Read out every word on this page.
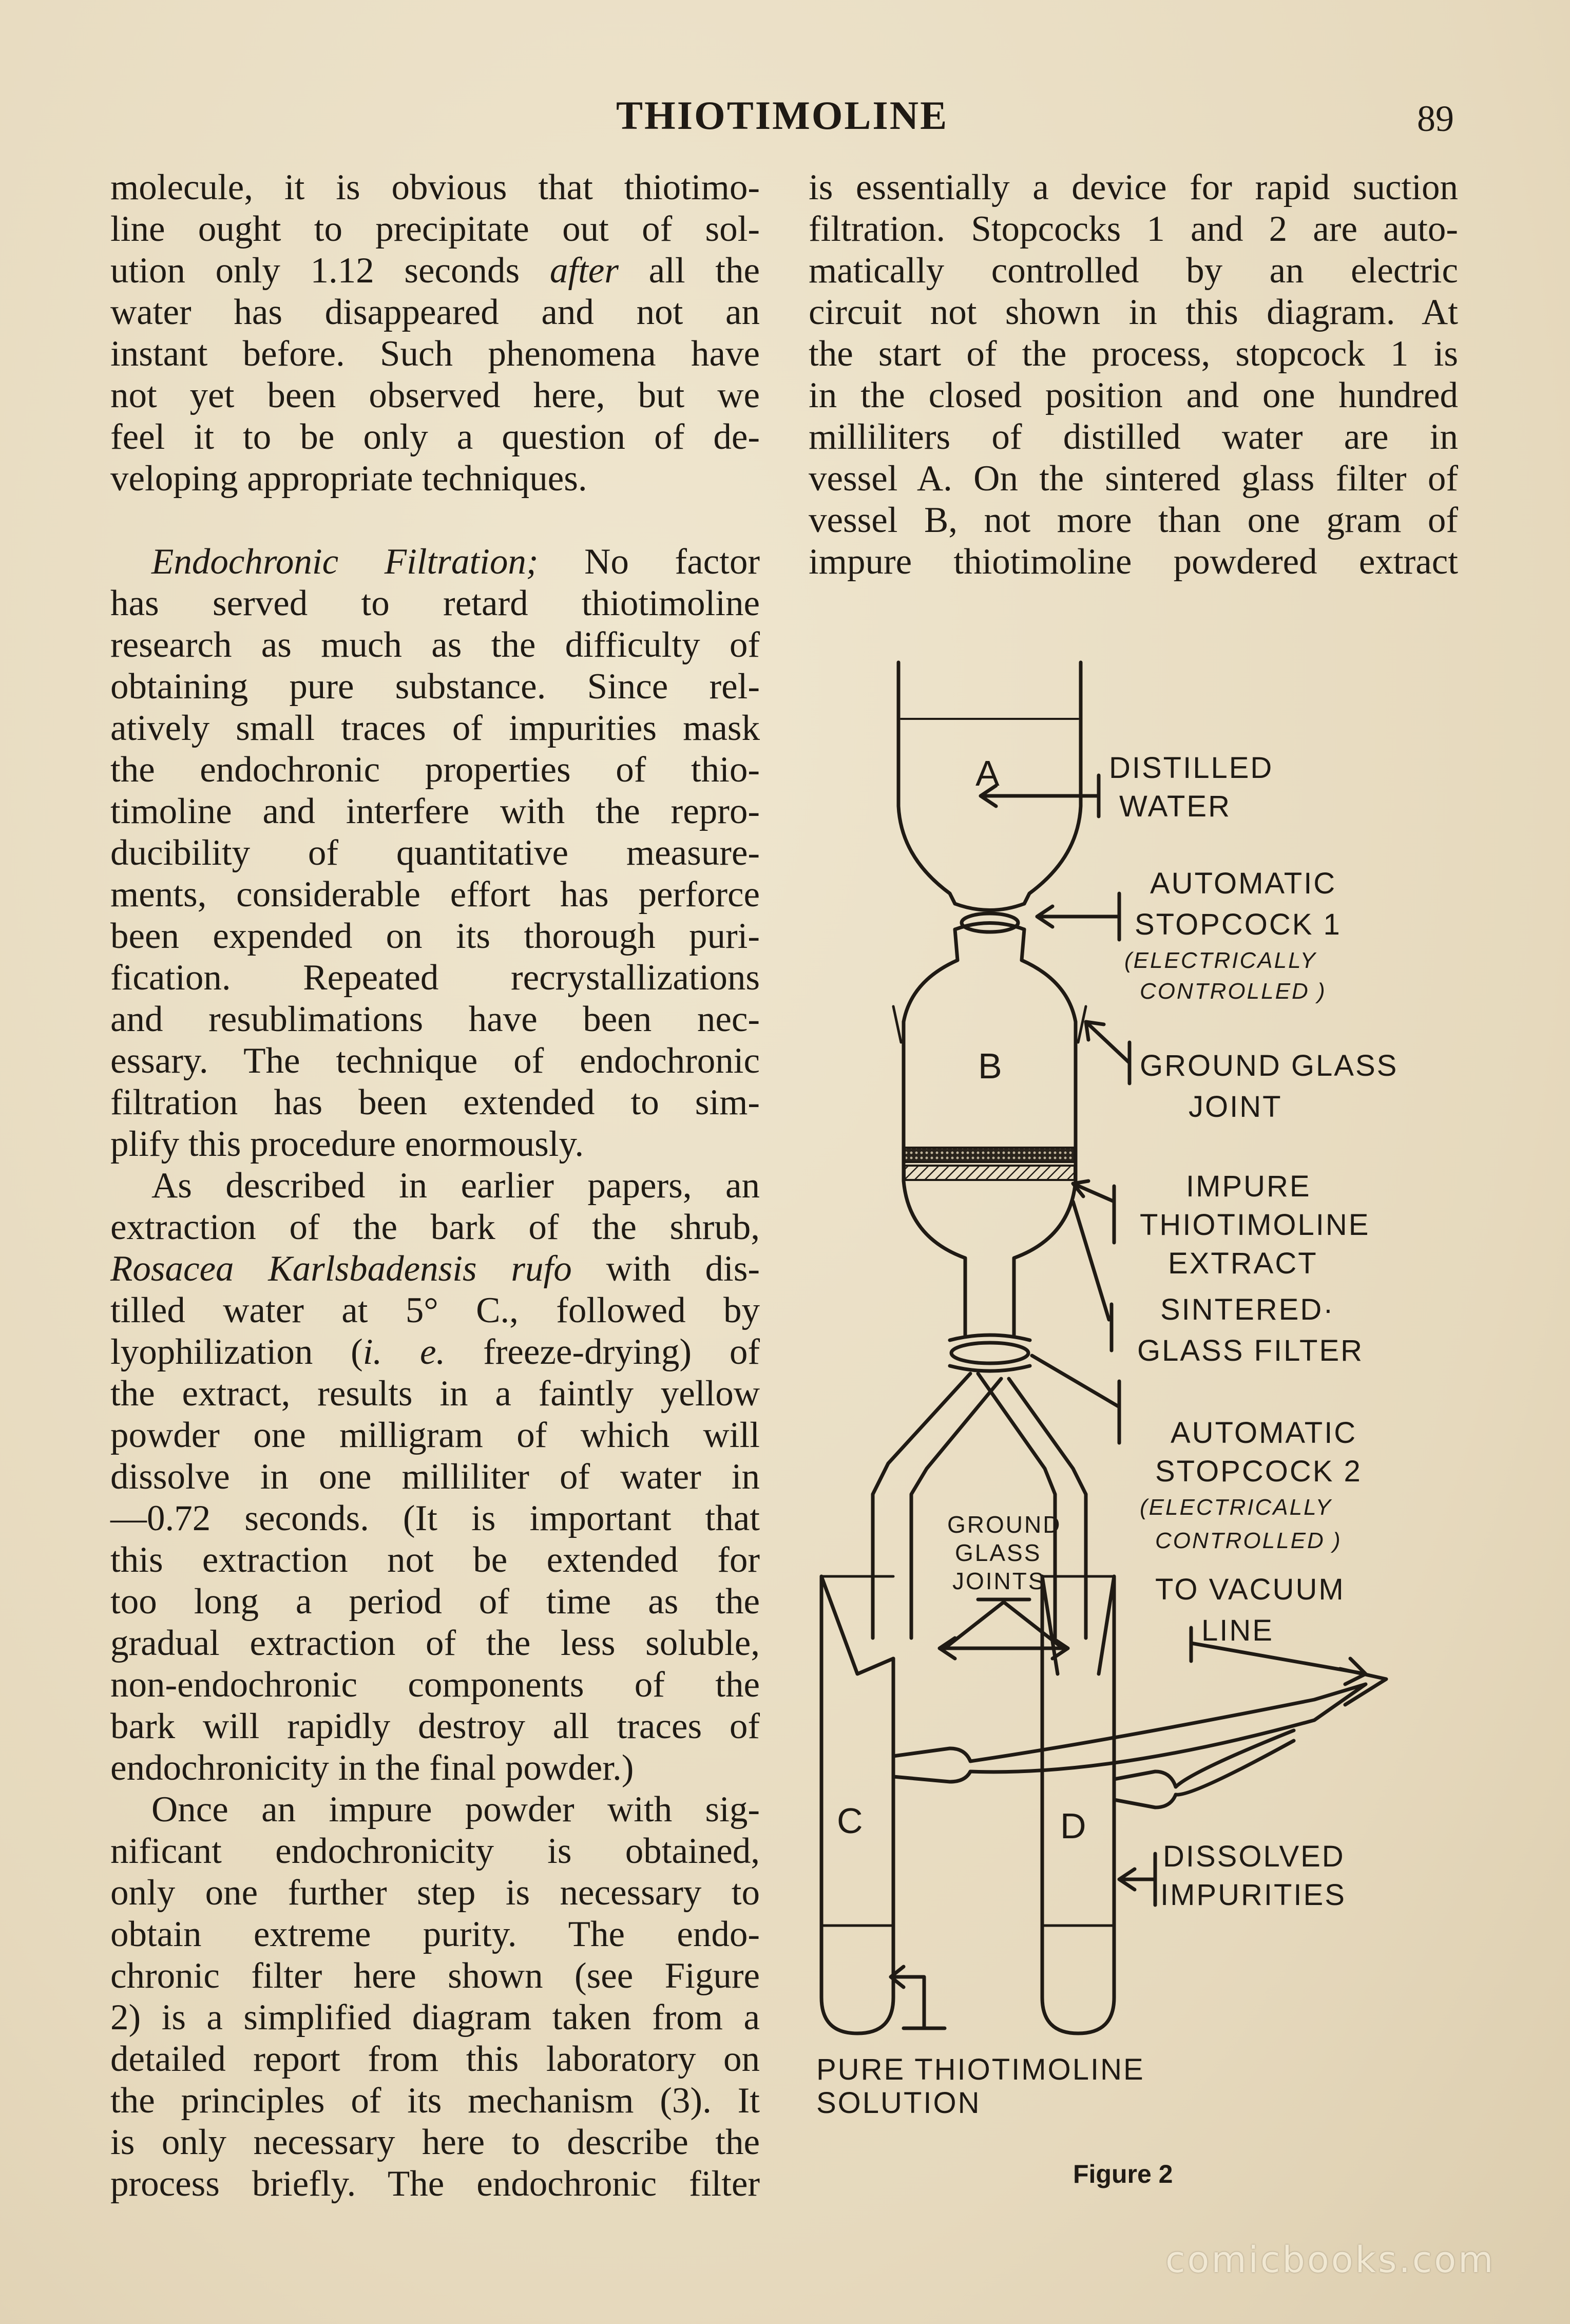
THIOTIMOLINE	89

molecule, it is obvious that thiotimo-

line ought to precipitate out of sol-

ution only 1.12 seconds after all the

water has disappeared and not an

instant before. Such phenomena have

not yet been observed here, but we

feel it to be only a question of de-

veloping appropriate techniques.

Endochronic Filtration; No factor

has served to retard thiotimoline

research as much as the difficulty of

obtaining pure substance. Since rel-

atively small traces of impurities mask

the endochronic properties of thio-

timoline and interfere with the repro-

ducibility of quantitative measure-

ments, considerable effort has perforce

been expended on its thorough puri-

fication. Repeated recrystallizations

and resublimations have been nec-

essary. The technique of endochronic

filtration has been extended to sim-

plify this procedure enormously.

As described in earlier papers, an

extraction of the bark of the shrub,

Rosacea Karlsbadensis rufo with dis-

tilled water at 5° C., followed by

lyophilization (i. e. freeze-drying) of

the extract, results in a faintly yellow

powder one milligram of which will

dissolve in one milliliter of water in

—0.72 seconds. (It is important that

this extraction not be extended for

too long a period of time as the

gradual extraction of the less soluble,

non-endochronic components of the

bark will rapidly destroy all traces of

endochronicity in the final powder.)

Once an impure powder with sig-

nificant endochronicity is obtained,

only one further step is necessary to

obtain extreme purity. The endo-

chronic filter here shown (see Figure

2) is a simplified diagram taken from a

detailed report from this laboratory on

the principles of its mechanism (3). It

is only necessary here to describe the

process briefly. The endochronic filter

is essentially a device for rapid suction

filtration. Stopcocks 1 and 2 are auto-

matically controlled by an electric

circuit not shown in this diagram. At

the start of the process, stopcock 1 is

in the closed position and one hundred

milliliters of distilled water are in

vessel A. On the sintered glass filter of

vessel B, not more than one gram of

impure thiotimoline powdered extract

A
B
C	D
DISTILLED
WATER
AUTOMATIC
STOPCOCK 1
(ELECTRICALLY
CONTROLLED )
GROUND GLASS
JOINT
IMPURE
THIOTIMOLINE
EXTRACT
SINTERED·
GLASS FILTER
AUTOMATIC
STOPCOCK 2
(ELECTRICALLY
CONTROLLED )
GROUND
GLASS
JOINTS	TO VACUUM
LINE
DISSOLVED
IMPURITIES
PURE THIOTIMOLINE
SOLUTION
Figure 2
comicbooks.com
